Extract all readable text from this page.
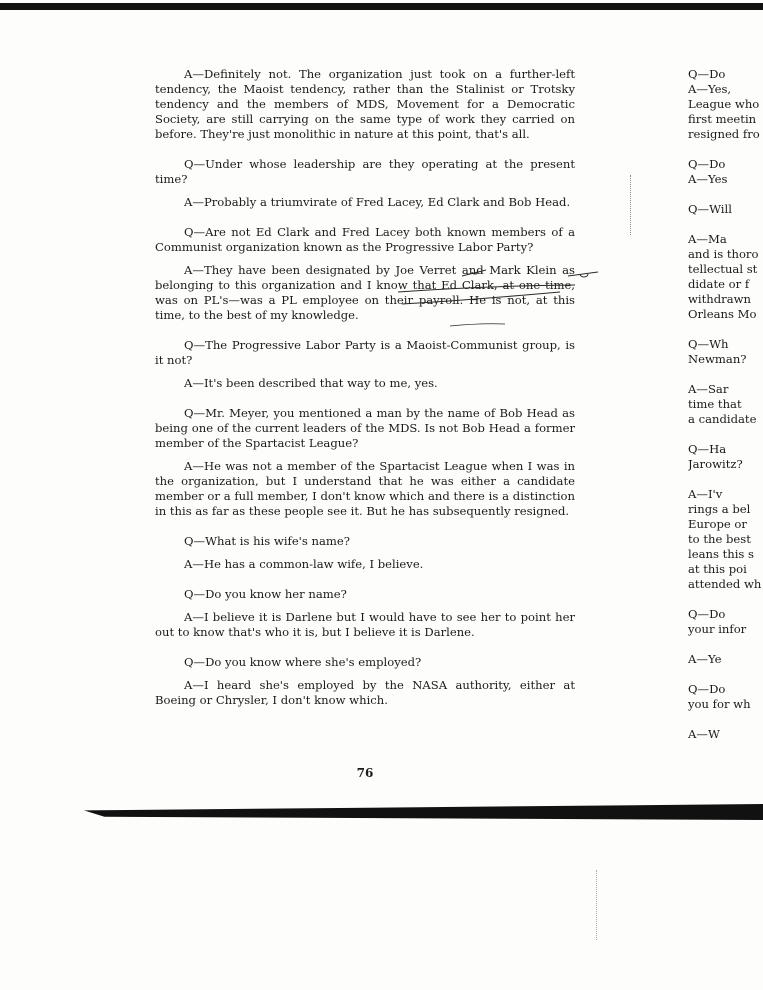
A—Definitely not. The organization just took on a further-left tendency, the Maoist tendency, rather than the Stalinist or Trotsky tendency and the members of MDS, Movement for a Democratic Society, are still carrying on the same type of work they carried on before. They're just monolithic in nature at this point, that's all.

Q—Under whose leadership are they operating at the present time?

A—Probably a triumvirate of Fred Lacey, Ed Clark and Bob Head.

Q—Are not Ed Clark and Fred Lacey both known members of a Communist organization known as the Progressive Labor Party?

A—They have been designated by Joe Verret and Mark Klein as belonging to this organization and I know that Ed Clark, at one time, was on PL's—was a PL employee on their payroll. He is not, at this time, to the best of my knowledge.

Q—The Progressive Labor Party is a Maoist-Communist group, is it not?

A—It's been described that way to me, yes.

Q—Mr. Meyer, you mentioned a man by the name of Bob Head as being one of the current leaders of the MDS. Is not Bob Head a former member of the Spartacist League?

A—He was not a member of the Spartacist League when I was in the organization, but I understand that he was either a candidate member or a full member, I don't know which and there is a distinction in this as far as these people see it. But he has subsequently resigned.

Q—What is his wife's name?

A—He has a common-law wife, I believe.

Q—Do you know her name?

A—I believe it is Darlene but I would have to see her to point her out to know that's who it is, but I believe it is Darlene.

Q—Do you know where she's employed?

A—I heard she's employed by the NASA authority, either at Boeing or Chrysler, I don't know which.

76
Q—Do
A—Yes,
League who
first meetin
resigned fro
Q—Do
A—Yes
Q—Will
A—Ma
and is thoro
tellectual st
didate or f
withdrawn
Orleans Mo
Q—Wh
Newman?
A—Sar
time that
a candidate
Q—Ha
Jarowitz?
A—I'v
rings a bel
Europe or
to the best
leans this s
at this poi
attended wh
Q—Do
your infor
A—Ye
Q—Do
you for wh
A—W
